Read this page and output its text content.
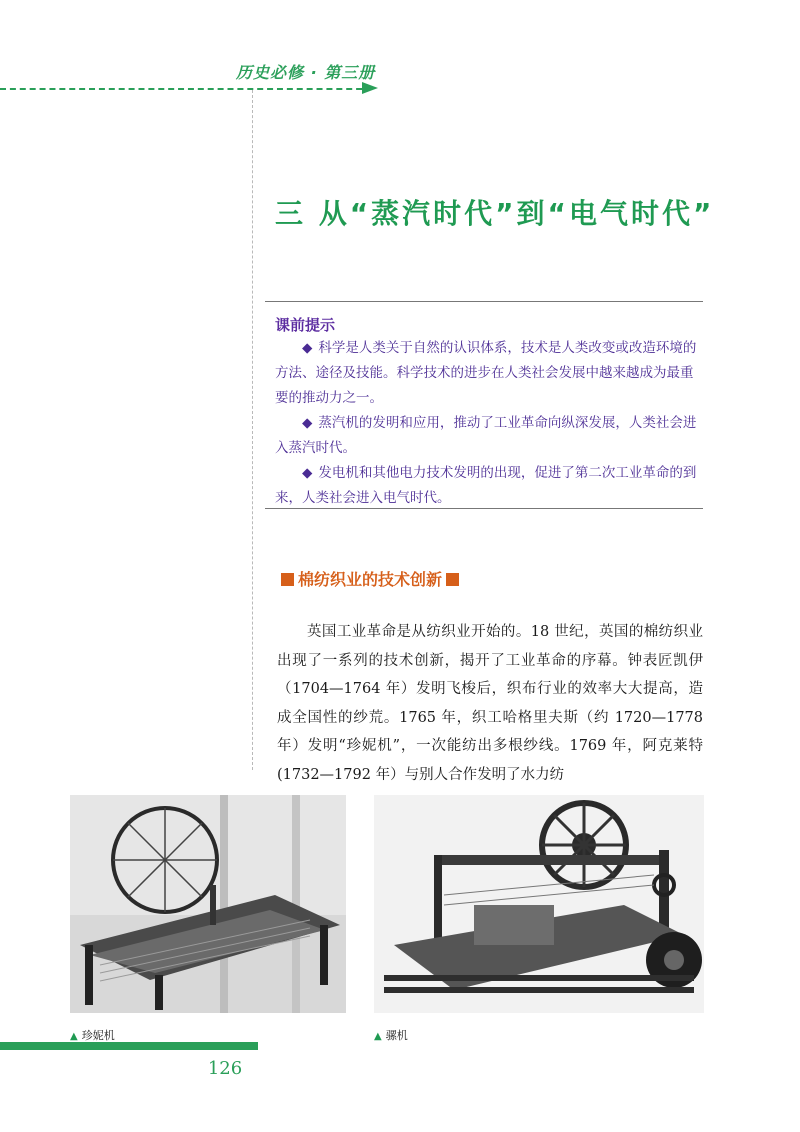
历史必修 · 第三册
三 从“蒸汽时代”到“电气时代”
课前提示

◆ 科学是人类关于自然的认识体系，技术是人类改变或改造环境的方法、途径及技能。科学技术的进步在人类社会发展中越来越成为最重要的推动力之一。

◆ 蒸汽机的发明和应用，推动了工业革命向纵深发展，人类社会进入蒸汽时代。

◆ 发电机和其他电力技术发明的出现，促进了第二次工业革命的到来，人类社会进入电气时代。

棉纺织业的技术创新

英国工业革命是从纺织业开始的。18 世纪，英国的棉纺织业出现了一系列的技术创新，揭开了工业革命的序幕。钟表匠凯伊（1704—1764 年）发明飞梭后，织布行业的效率大大提高，造成全国性的纱荒。1765 年，织工哈格里夫斯（约 1720—1778 年）发明“珍妮机”，一次能纺出多根纱线。1769 年，阿克莱特(1732—1792 年）与别人合作发明了水力纺

▲ 珍妮机	▲ 骡机
126
